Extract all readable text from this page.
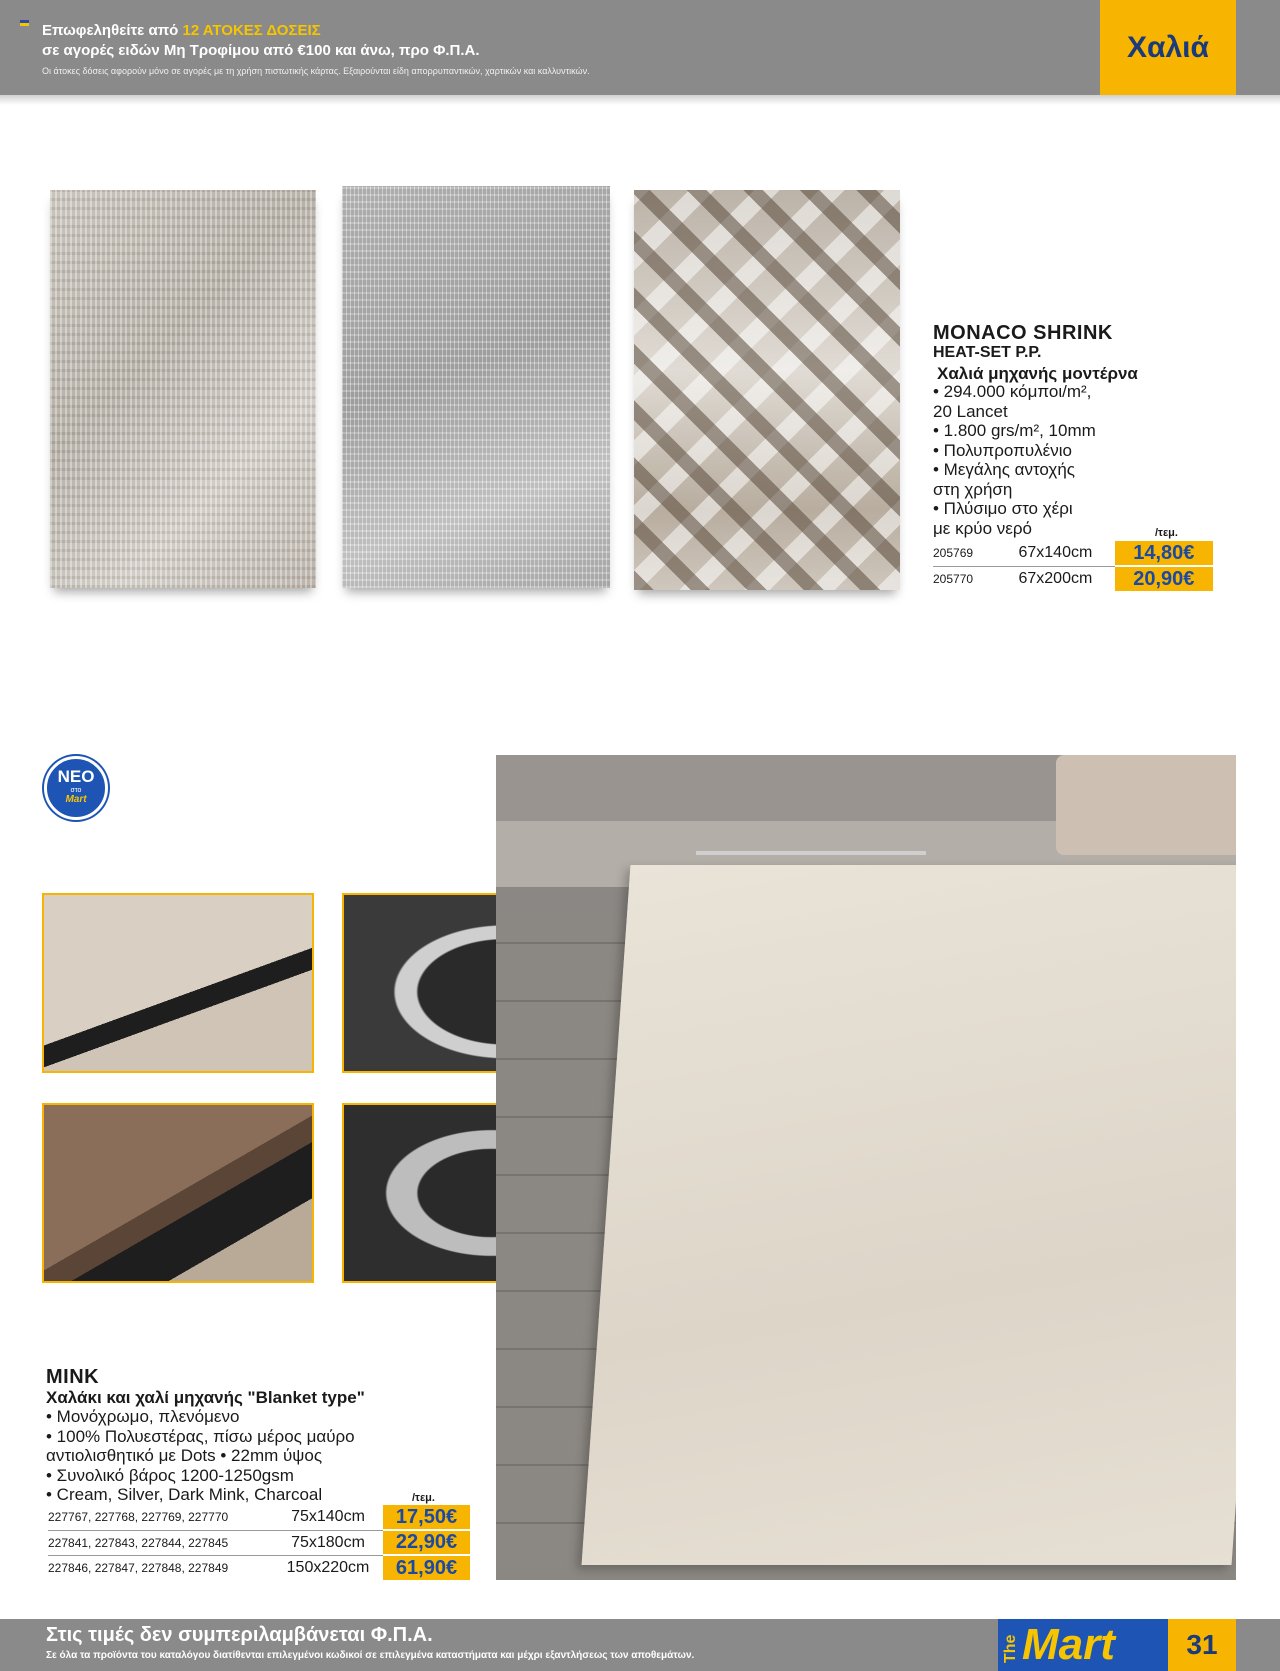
Επωφεληθείτε από 12 ΑΤΟΚΕΣ ΔΟΣΕΙΣ
σε αγορές ειδών Μη Τροφίμου από €100 και άνω, προ Φ.Π.Α.
Οι άτοκες δόσεις αφορούν μόνο σε αγορές με τη χρήση πιστωτικής κάρτας. Εξαιρούνται είδη απορρυπαντικών, χαρτικών και καλλυντικών.
Χαλιά
MONACO SHRINK
HEAT-SET P.P.
Χαλιά μηχανής μοντέρνα
• 294.000 κόμποι/m²,
20 Lancet
• 1.800 grs/m², 10mm
• Πολυπροπυλένιο
• Μεγάλης αντοχής
στη χρήση
• Πλύσιμο στο χέρι
με κρύο νερό	/τεμ.
205769	67x140cm	14,80€
205770	67x200cm	20,90€
ΝΕΟ
στο
Mart
MINK
Χαλάκι και χαλί μηχανής "Blanket type"
• Μονόχρωμο, πλενόμενο
• 100% Πολυεστέρας, πίσω μέρος μαύρο
αντιολισθητικό με Dots • 22mm ύψος
• Συνολικό βάρος 1200-1250gsm
• Cream, Silver, Dark Mink, Charcoal	/τεμ.
227767, 227768, 227769, 227770	75x140cm	17,50€
227841, 227843, 227844, 227845	75x180cm	22,90€
227846, 227847, 227848, 227849	150x220cm	61,90€
Στις τιμές δεν συμπεριλαμβάνεται Φ.Π.Α.
Σε όλα τα προϊόντα του καταλόγου διατίθενται επιλεγμένοι κωδικοί σε επιλεγμένα καταστήματα και μέχρι εξαντλήσεως των αποθεμάτων.	The Mart	31
